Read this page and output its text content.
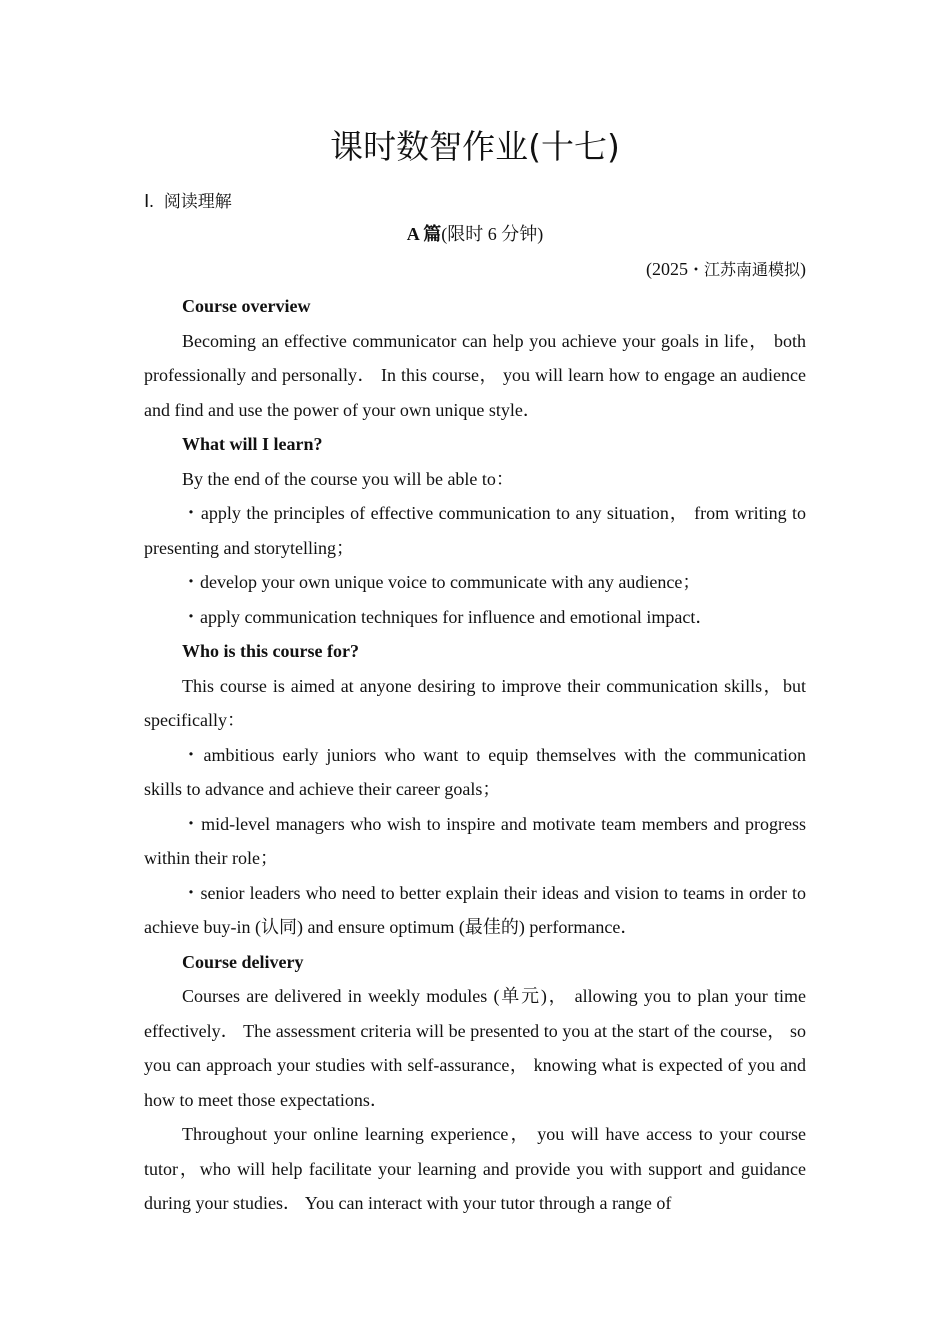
课时数智作业(十七)
Ⅰ. 阅读理解
A 篇(限时 6 分钟)
(2025・江苏南通模拟)
Course overview

Becoming an effective communicator can help you achieve your goals in life， both professionally and personally． In this course， you will learn how to engage an audience and find and use the power of your own unique style．

What will I learn?

By the end of the course you will be able to：

・apply the principles of effective communication to any situation， from writing to presenting and storytelling；

・develop your own unique voice to communicate with any audience；

・apply communication techniques for influence and emotional impact．

Who is this course for?

This course is aimed at anyone desiring to improve their communication skills，but specifically：

・ambitious early juniors who want to equip themselves with the communication skills to advance and achieve their career goals；

・mid-level managers who wish to inspire and motivate team members and progress within their role；

・senior leaders who need to better explain their ideas and vision to teams in order to achieve buy-in (认同) and ensure optimum (最佳的) performance．

Course delivery

Courses are delivered in weekly modules (单元)， allowing you to plan your time effectively． The assessment criteria will be presented to you at the start of the course， so you can approach your studies with self-assurance， knowing what is expected of you and how to meet those expectations．

Throughout your online learning experience， you will have access to your course tutor，who will help facilitate your learning and provide you with support and guidance during your studies． You can interact with your tutor through a range of
